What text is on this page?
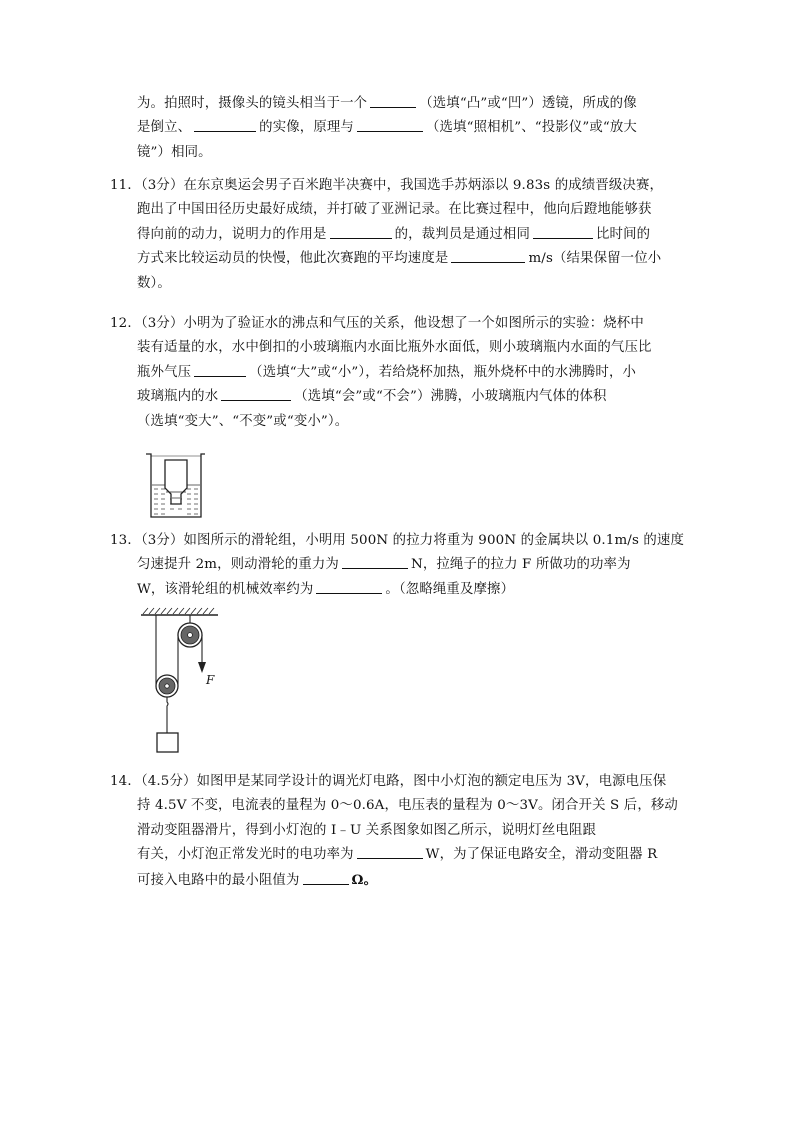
为。拍照时，摄像头的镜头相当于一个	（选填“凸”或“凹”）透镜，所成的像

是倒立、	的实像，原理与	（选填“照相机”、“投影仪”或“放大

镜”）相同。

11．（3分）在东京奥运会男子百米跑半决赛中，我国选手苏炳添以 9.83s 的成绩晋级决赛，

跑出了中国田径历史最好成绩，并打破了亚洲记录。在比赛过程中，他向后蹬地能够获

得向前的动力，说明力的作用是	的，裁判员是通过相同	比时间的

方式来比较运动员的快慢，他此次赛跑的平均速度是	m/s（结果保留一位小

数）。

12．（3分）小明为了验证水的沸点和气压的关系，他设想了一个如图所示的实验：烧杯中

装有适量的水，水中倒扣的小玻璃瓶内水面比瓶外水面低，则小玻璃瓶内水面的气压比

瓶外气压	（选填“大”或“小”），若给烧杯加热，瓶外烧杯中的水沸腾时，小

玻璃瓶内的水	（选填“会”或“不会”）沸腾，小玻璃瓶内气体的体积

（选填“变大”、“不变”或“变小”）。

13．（3分）如图所示的滑轮组，小明用 500N 的拉力将重为 900N 的金属块以 0.1m/s 的速度

匀速提升 2m，则动滑轮的重力为	N，拉绳子的拉力 F 所做功的功率为

W，该滑轮组的机械效率约为	。（忽略绳重及摩擦）

F

14．（4.5分）如图甲是某同学设计的调光灯电路，图中小灯泡的额定电压为 3V，电源电压保

持 4.5V 不变，电流表的量程为 0～0.6A，电压表的量程为 0～3V。闭合开关 S 后，移动

滑动变阻器滑片，得到小灯泡的 I﹣U 关系图象如图乙所示，说明灯丝电阻跟

有关，小灯泡正常发光时的电功率为	W，为了保证电路安全，滑动变阻器 R

可接入电路中的最小阻值为	Ω。
